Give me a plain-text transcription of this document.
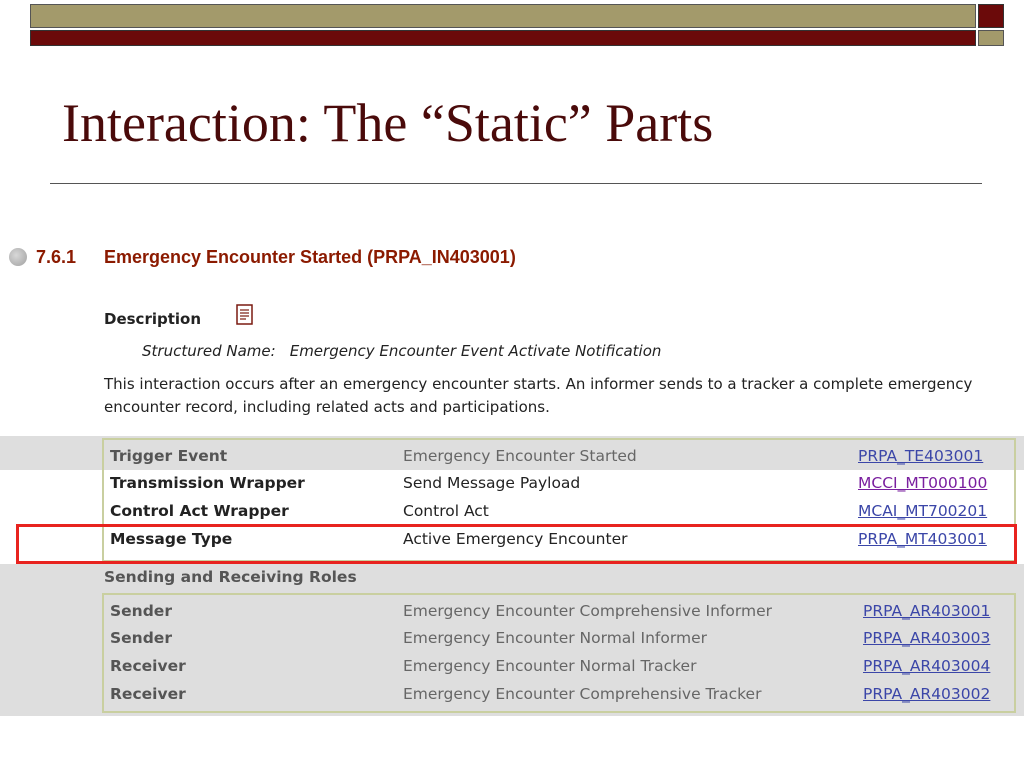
Interaction: The “Static” Parts
7.6.1 Emergency Encounter Started (PRPA_IN403001)
Description
Structured Name: Emergency Encounter Event Activate Notification
This interaction occurs after an emergency encounter starts. An informer sends to a tracker a complete emergency encounter record, including related acts and participations.
Trigger Event	Emergency Encounter Started	PRPA_TE403001
Transmission Wrapper	Send Message Payload	MCCI_MT000100
Control Act Wrapper	Control Act	MCAI_MT700201
Message Type	Active Emergency Encounter	PRPA_MT403001
Sending and Receiving Roles
Sender	Emergency Encounter Comprehensive Informer	PRPA_AR403001
Sender	Emergency Encounter Normal Informer	PRPA_AR403003
Receiver	Emergency Encounter Normal Tracker	PRPA_AR403004
Receiver	Emergency Encounter Comprehensive Tracker	PRPA_AR403002
